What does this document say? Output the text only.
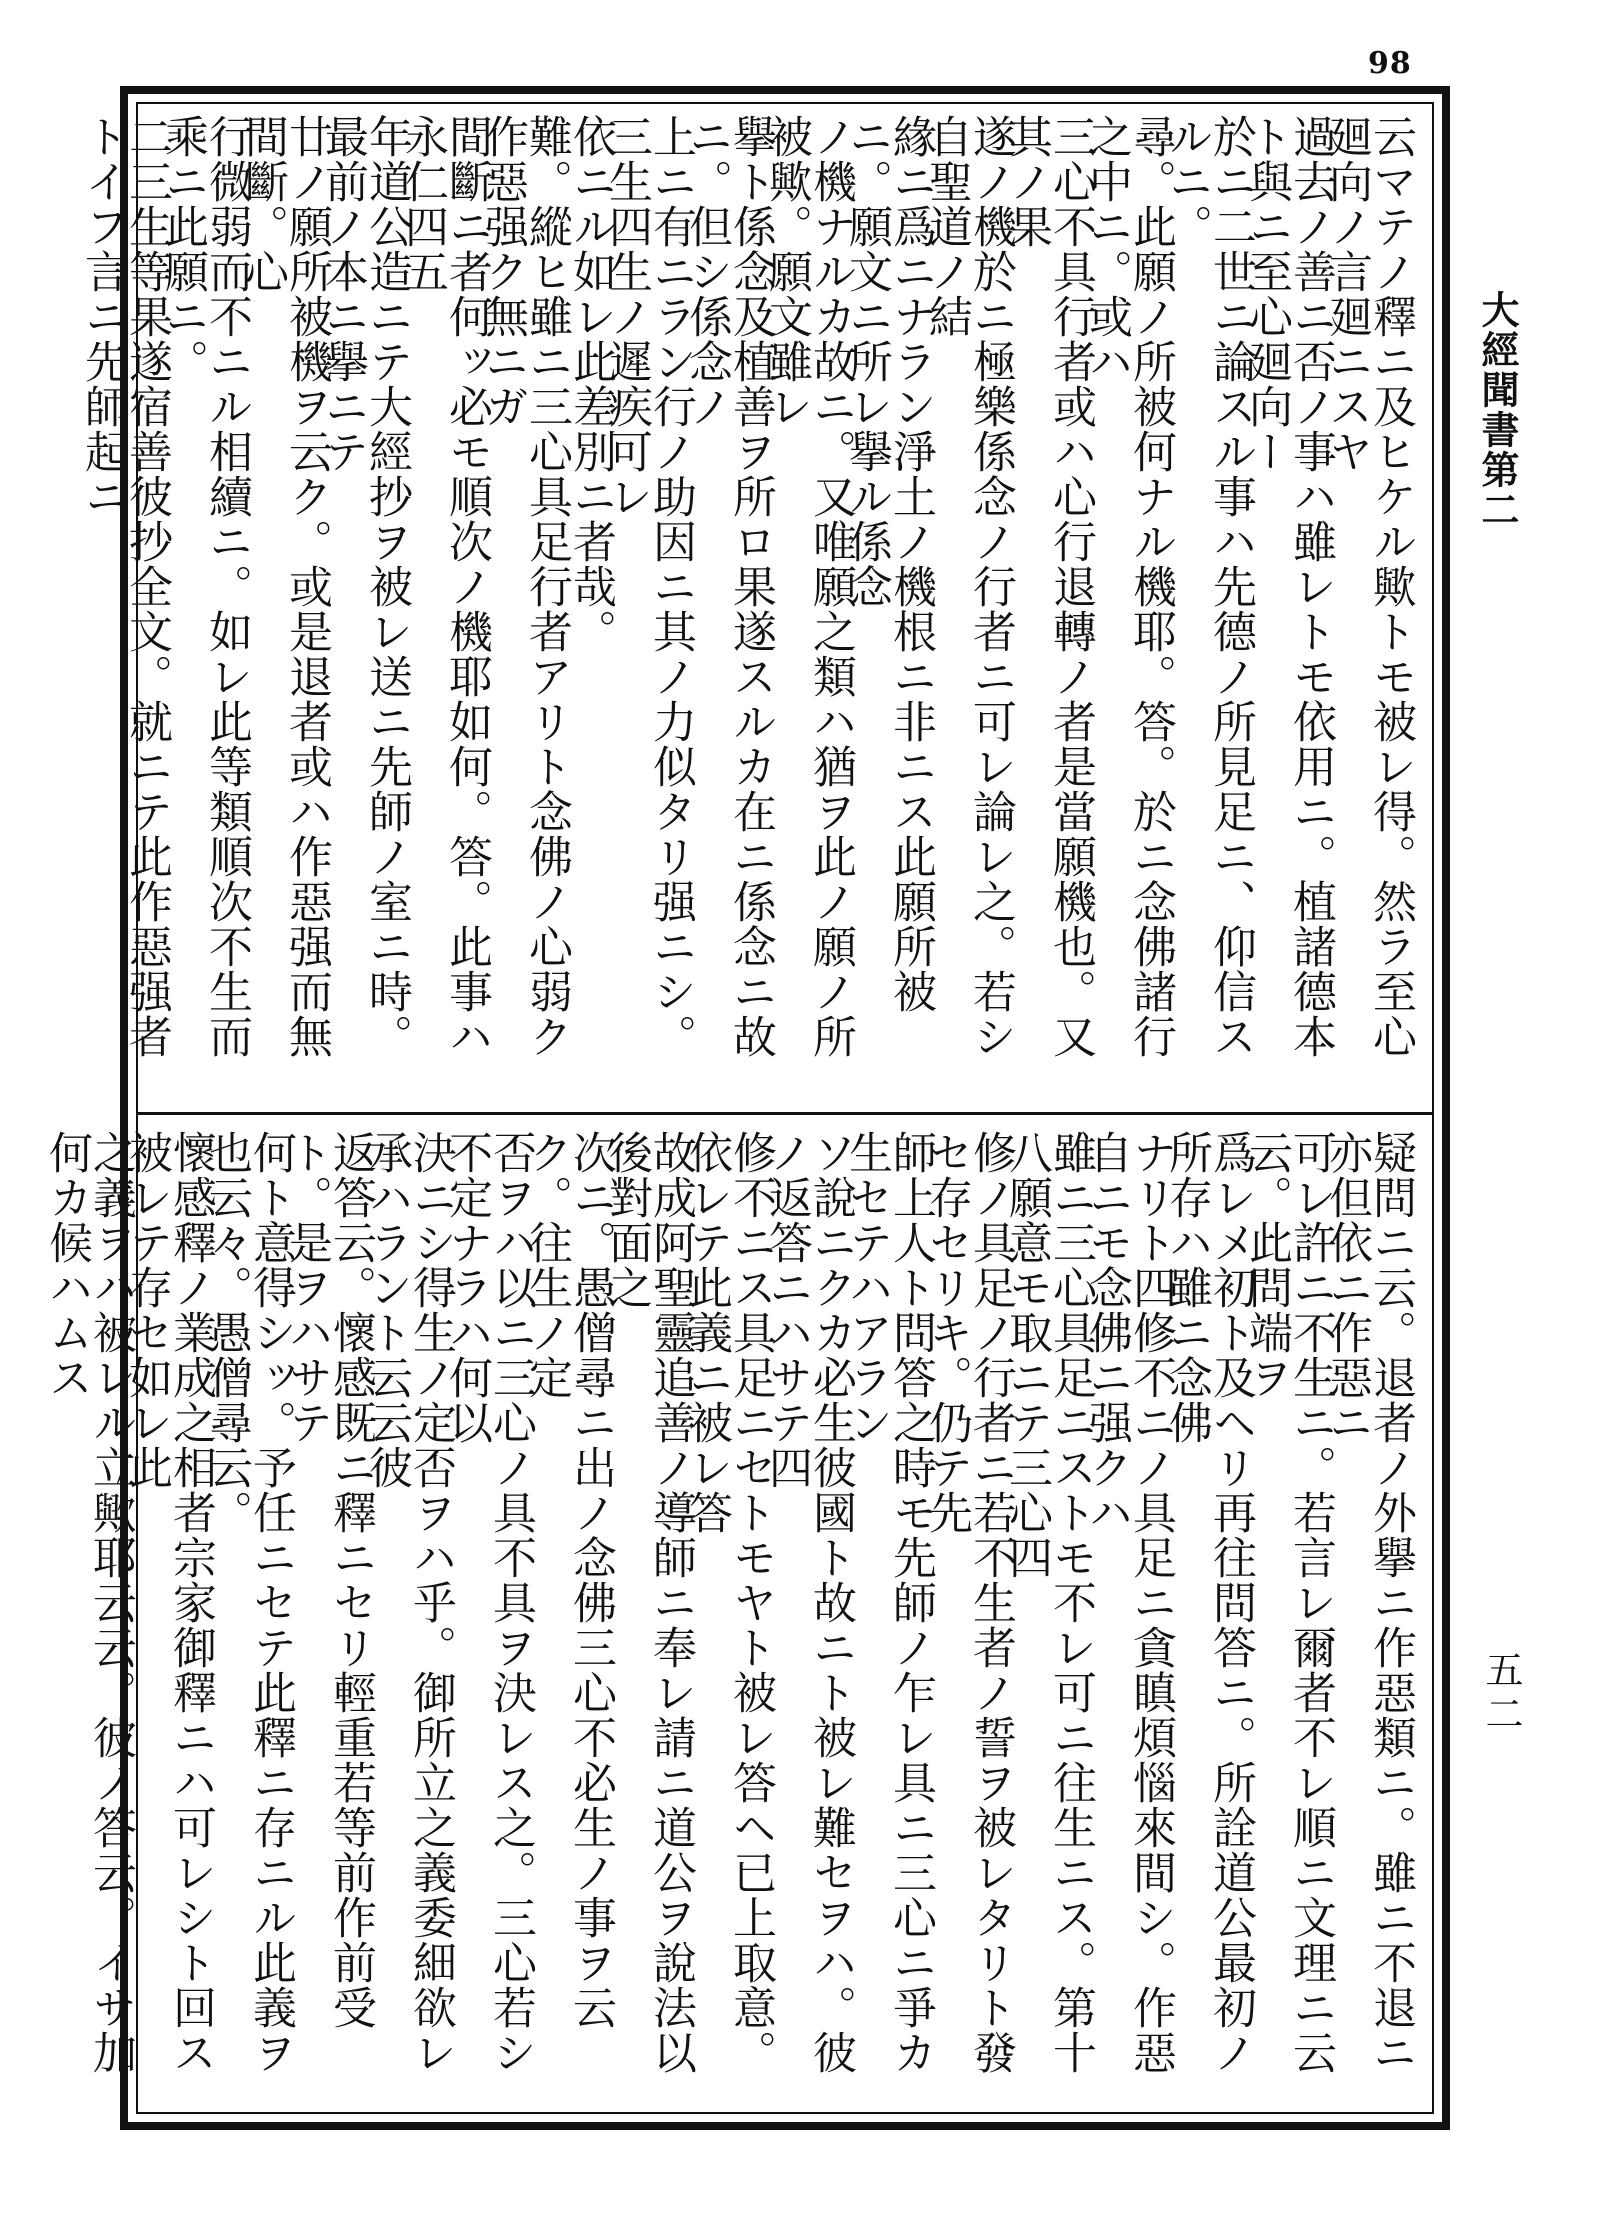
98
大經聞書第二
五二
云マテノ釋ニ及ヒケル歟トモ被レ得。然ラ至心廻向ノ言廻ニスヤ
過去ノ善ニ否ノ事ハ雖レトモ依用ニ。植諸德本ト與ニ至心廻向ー
於ニ二世ニ論スル事ハ先德ノ所見足ニ、仰信スルニ。
尋。此願ノ所被何ナル機耶。答。於ニ念佛諸行之中ニ。或ハ
三心不具行者或ハ心行退轉ノ者是當願機也。又其ノ果
遂ノ機於ニ極樂係念ノ行者ニ可レ論レ之。若シ自聖道ノ結
緣ニ爲ニナラン淨土ノ機根ニ非ニス此願所被ニ。願文ニ所レ擧ル係念
ノ機ナルカ故ニ。又唯願之類ハ猶ヲ此ノ願ノ所被歟。願文雖レ
擧ト係念及植善ヲ所ロ果遂スルカ在ニ係念ニ故ニ。但シ係念ノ
上ニ有ニラン行ノ助因ニ其ノ力似タリ强ニシ。三生四生ノ遲疾可レ
依ニル如レ此差別ニ者哉。
難。縱ヒ雖ニ三心具足行者アリト念佛ノ心弱ク作惡强ク無ニガ
間斷ニ者何ッ必モ順次ノ機耶如何。答。此事ハ永仁四五
年道公造ニテ大經抄ヲ被レ送ニ先師ノ室ニ時。最前ノ本ニ擧ニテ
廿ノ願所被機ヲ云ク。或是退者或ハ作惡强而無間斷。心
行微弱而不ニル相續ニ。如レ此等類順次不生而乘ニ此願ニ。
二三生等果遂宿善彼抄全文。就ニテ此作惡强者トイフ言ニ先師起ニ
疑問ニ云。退者ノ外擧ニ作惡類ニ。雖ニ不退ニ亦但依ニ作惡ニ
可レ許ニ不生ニ。若言レ爾者不レ順ニ文理ニ云云。此問端ヲ
爲レメ初ト及ヘリ再往問答ニ。所詮道公最初ノ所存ハ雖ニ念佛
ナリト四修不ニノ具足ニ貪瞋煩惱來間シ。作惡自ニモ念佛ニ强クハ
雖ニ三心具足ニストモ不レ可ニ往生ニス。第十八願意モ取ニテ三心四
修ノ具足ノ行者ニ若不生者ノ誓ヲ被レタリト發セ存セリキ。仍テ先
師上人ト問答之時モ先師ノ乍レ具ニ三心ニ爭カ生セテハアラン
ソ說ニクカ必生彼國ト故ニト被レ難セヲハ。彼ノ返答ニハサテ四
修不ニス具足ニセトモヤト被レ答ヘ已上取意。依レテ此義ニ被レ答
故成阿聖靈追善ノ導師ニ奉レ請ニ道公ヲ說法以後對面之
次ニ。愚僧尋ニ出ノ念佛三心不必生ノ事ヲ云ク。往生ノ定
否ヲハ以ニ三心ノ具不具ヲ決レス之。三心若シ不定ナラハ何以
決ニシ得生ノ定否ヲハ乎。御所立之義委細欲レ承ハラント云云彼
返答云。懷感既ニ釋ニセリ輕重若等前作前受ト。是ヲハサテ
何ト意得シッ。予任ニセテ此釋ニ存ニル此義ヲ也云々。愚僧尋云。
懷感釋ノ業成之相者宗家御釋ニハ可レシト回ス被レテ存セ如レ此
之義ヲハ被レル立歟耶云云。彼ノ答云。イサ加何カ候ハムス
